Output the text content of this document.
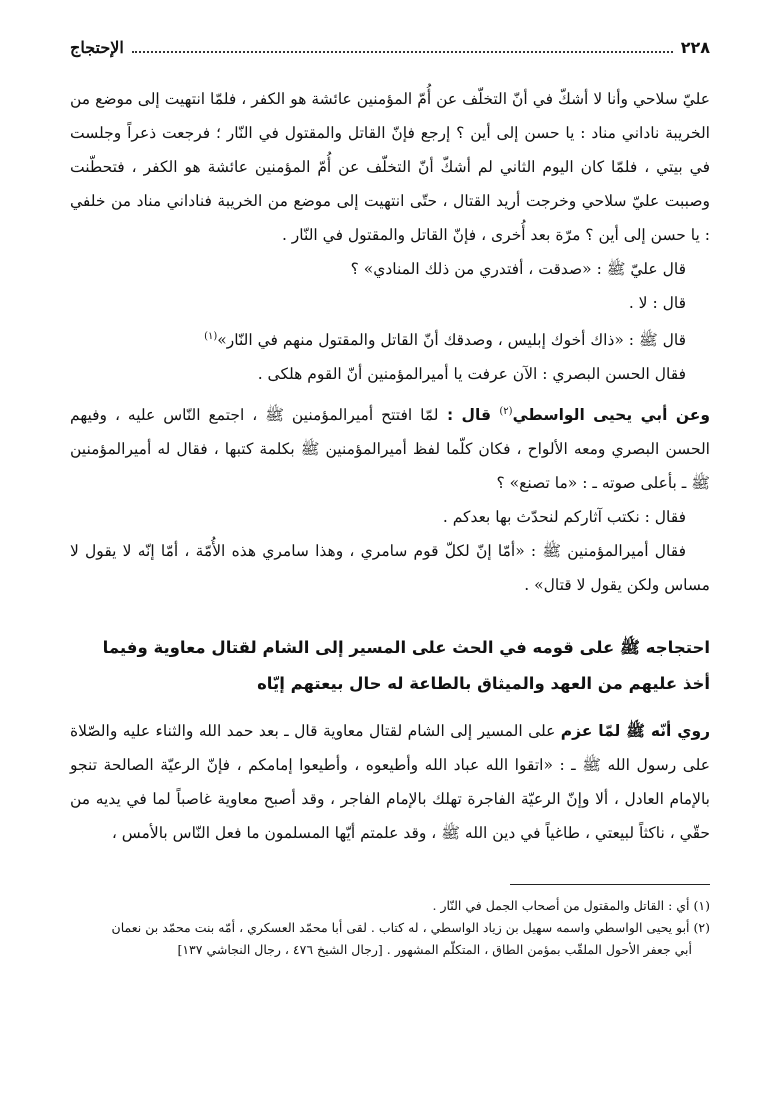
٢٢٨
الإحتجاج

عليّ سلاحي وأنا لا أشكّ في أنّ التخلّف عن أُمّ المؤمنين عائشة هو الكفر ، فلمّا انتهيت إلى موضع من الخريبة ناداني مناد : يا حسن إلى أين ؟ إرجع فإنّ القاتل والمقتول في النّار ؛ فرجعت ذعراً وجلست في بيتي ، فلمّا كان اليوم الثاني لم أشكّ أنّ التخلّف عن أُمّ المؤمنين عائشة هو الكفر ، فتحطّنت وصببت عليّ سلاحي وخرجت أريد القتال ، حتّى انتهيت إلى موضع من الخريبة فناداني مناد من خلفي : يا حسن إلى أين ؟ مرّة بعد أُخرى ، فإنّ القاتل والمقتول في النّار .

قال عليّ ﷺ : «صدقت ، أفتدري من ذلك المنادي» ؟

قال : لا .

قال ﷺ : «ذاك أخوك إبليس ، وصدقك أنّ القاتل والمقتول منهم في النّار»$^{(١)}$

فقال الحسن البصري : الآن عرفت يا أميرالمؤمنين أنّ القوم هلكى .

وعن أبي يحيى الواسطي$^{(٢)}$ قال : لمّا افتتح أميرالمؤمنين ﷺ ، اجتمع النّاس عليه ، وفيهم الحسن البصري ومعه الألواح ، فكان كلّما لفظ أميرالمؤمنين ﷺ بكلمة كتبها ، فقال له أميرالمؤمنين ﷺ ـ بأعلى صوته ـ : «ما تصنع» ؟

فقال : نكتب آثاركم لنحدّث بها بعدكم .

فقال أميرالمؤمنين ﷺ : «أمّا إنّ لكلّ قوم سامري ، وهذا سامري هذه الأُمّة ، أمّا إنّه لا يقول لا مساس ولكن يقول لا قتال» .

احتجاجه ﷺ على قومه في الحث على المسير إلى الشام لقتال معاوية وفيما أخذ عليهم من العهد والميثاق بالطاعة له حال بيعتهم إيّاه

روي أنّه ﷺ لمّا عزم على المسير إلى الشام لقتال معاوية قال ـ بعد حمد الله والثناء عليه والصّلاة على رسول الله ﷺ ـ : «اتقوا الله عباد الله وأطيعوه ، وأطيعوا إمامكم ، فإنّ الرعيّة الصالحة تنجو بالإمام العادل ، ألا وإنّ الرعيّة الفاجرة تهلك بالإمام الفاجر ، وقد أصبح معاوية غاصباً لما في يديه من حقّي ، ناكثاً لبيعتي ، طاغياً في دين الله ﷺ ، وقد علمتم أيّها المسلمون ما فعل النّاس بالأمس ،

(١) أي : القاتل والمقتول من أصحاب الجمل في النّار .

(٢) أبو يحيى الواسطي واسمه سهيل بن زياد الواسطي ، له كتاب . لقى أبا محمّد العسكري ، أمّه بنت محمّد بن نعمان

أبي جعفر الأحول الملقّب بمؤمن الطاق ، المتكلّم المشهور . [رجال الشيخ ٤٧٦ ، رجال النجاشي ١٣٧]
